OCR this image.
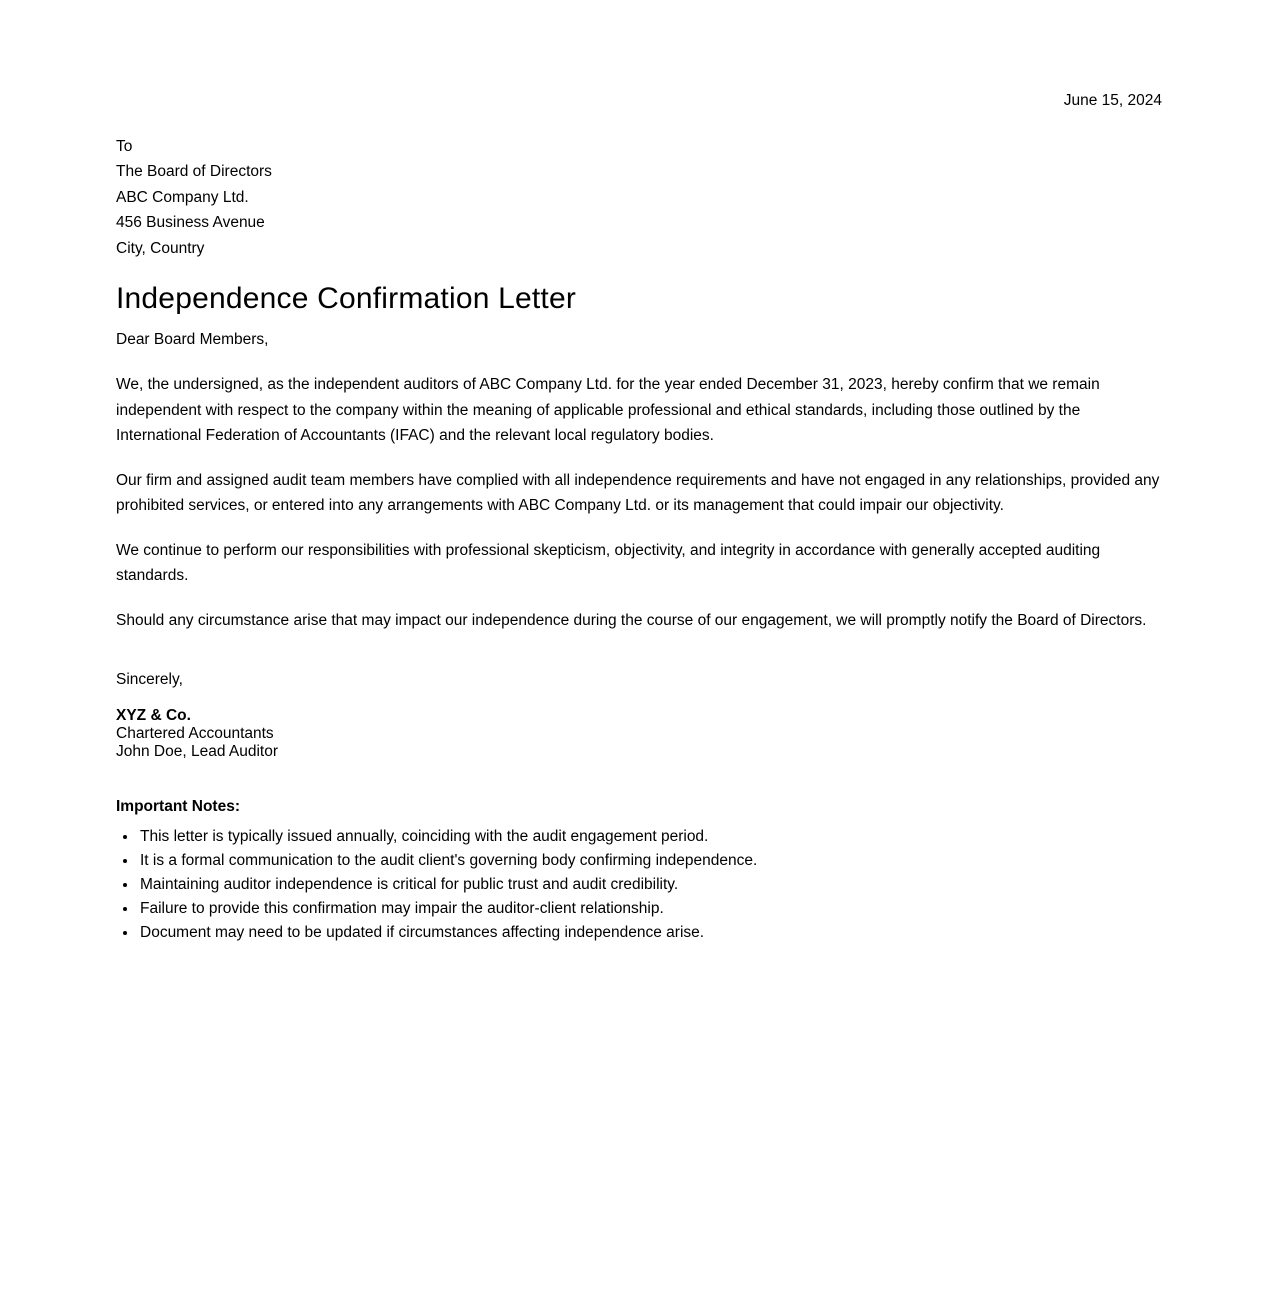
June 15, 2024

To
The Board of Directors
ABC Company Ltd.
456 Business Avenue
City, Country
Independence Confirmation Letter

Dear Board Members,

We, the undersigned, as the independent auditors of ABC Company Ltd. for the year ended December 31, 2023, hereby confirm that we remain independent with respect to the company within the meaning of applicable professional and ethical standards, including those outlined by the International Federation of Accountants (IFAC) and the relevant local regulatory bodies.

Our firm and assigned audit team members have complied with all independence requirements and have not engaged in any relationships, provided any prohibited services, or entered into any arrangements with ABC Company Ltd. or its management that could impair our objectivity.

We continue to perform our responsibilities with professional skepticism, objectivity, and integrity in accordance with generally accepted auditing standards.

Should any circumstance arise that may impact our independence during the course of our engagement, we will promptly notify the Board of Directors.

Sincerely,

XYZ & Co.
Chartered Accountants
John Doe, Lead Auditor

Important Notes:

• This letter is typically issued annually, coinciding with the audit engagement period.
• It is a formal communication to the audit client's governing body confirming independence.
• Maintaining auditor independence is critical for public trust and audit credibility.
• Failure to provide this confirmation may impair the auditor-client relationship.
• Document may need to be updated if circumstances affecting independence arise.
